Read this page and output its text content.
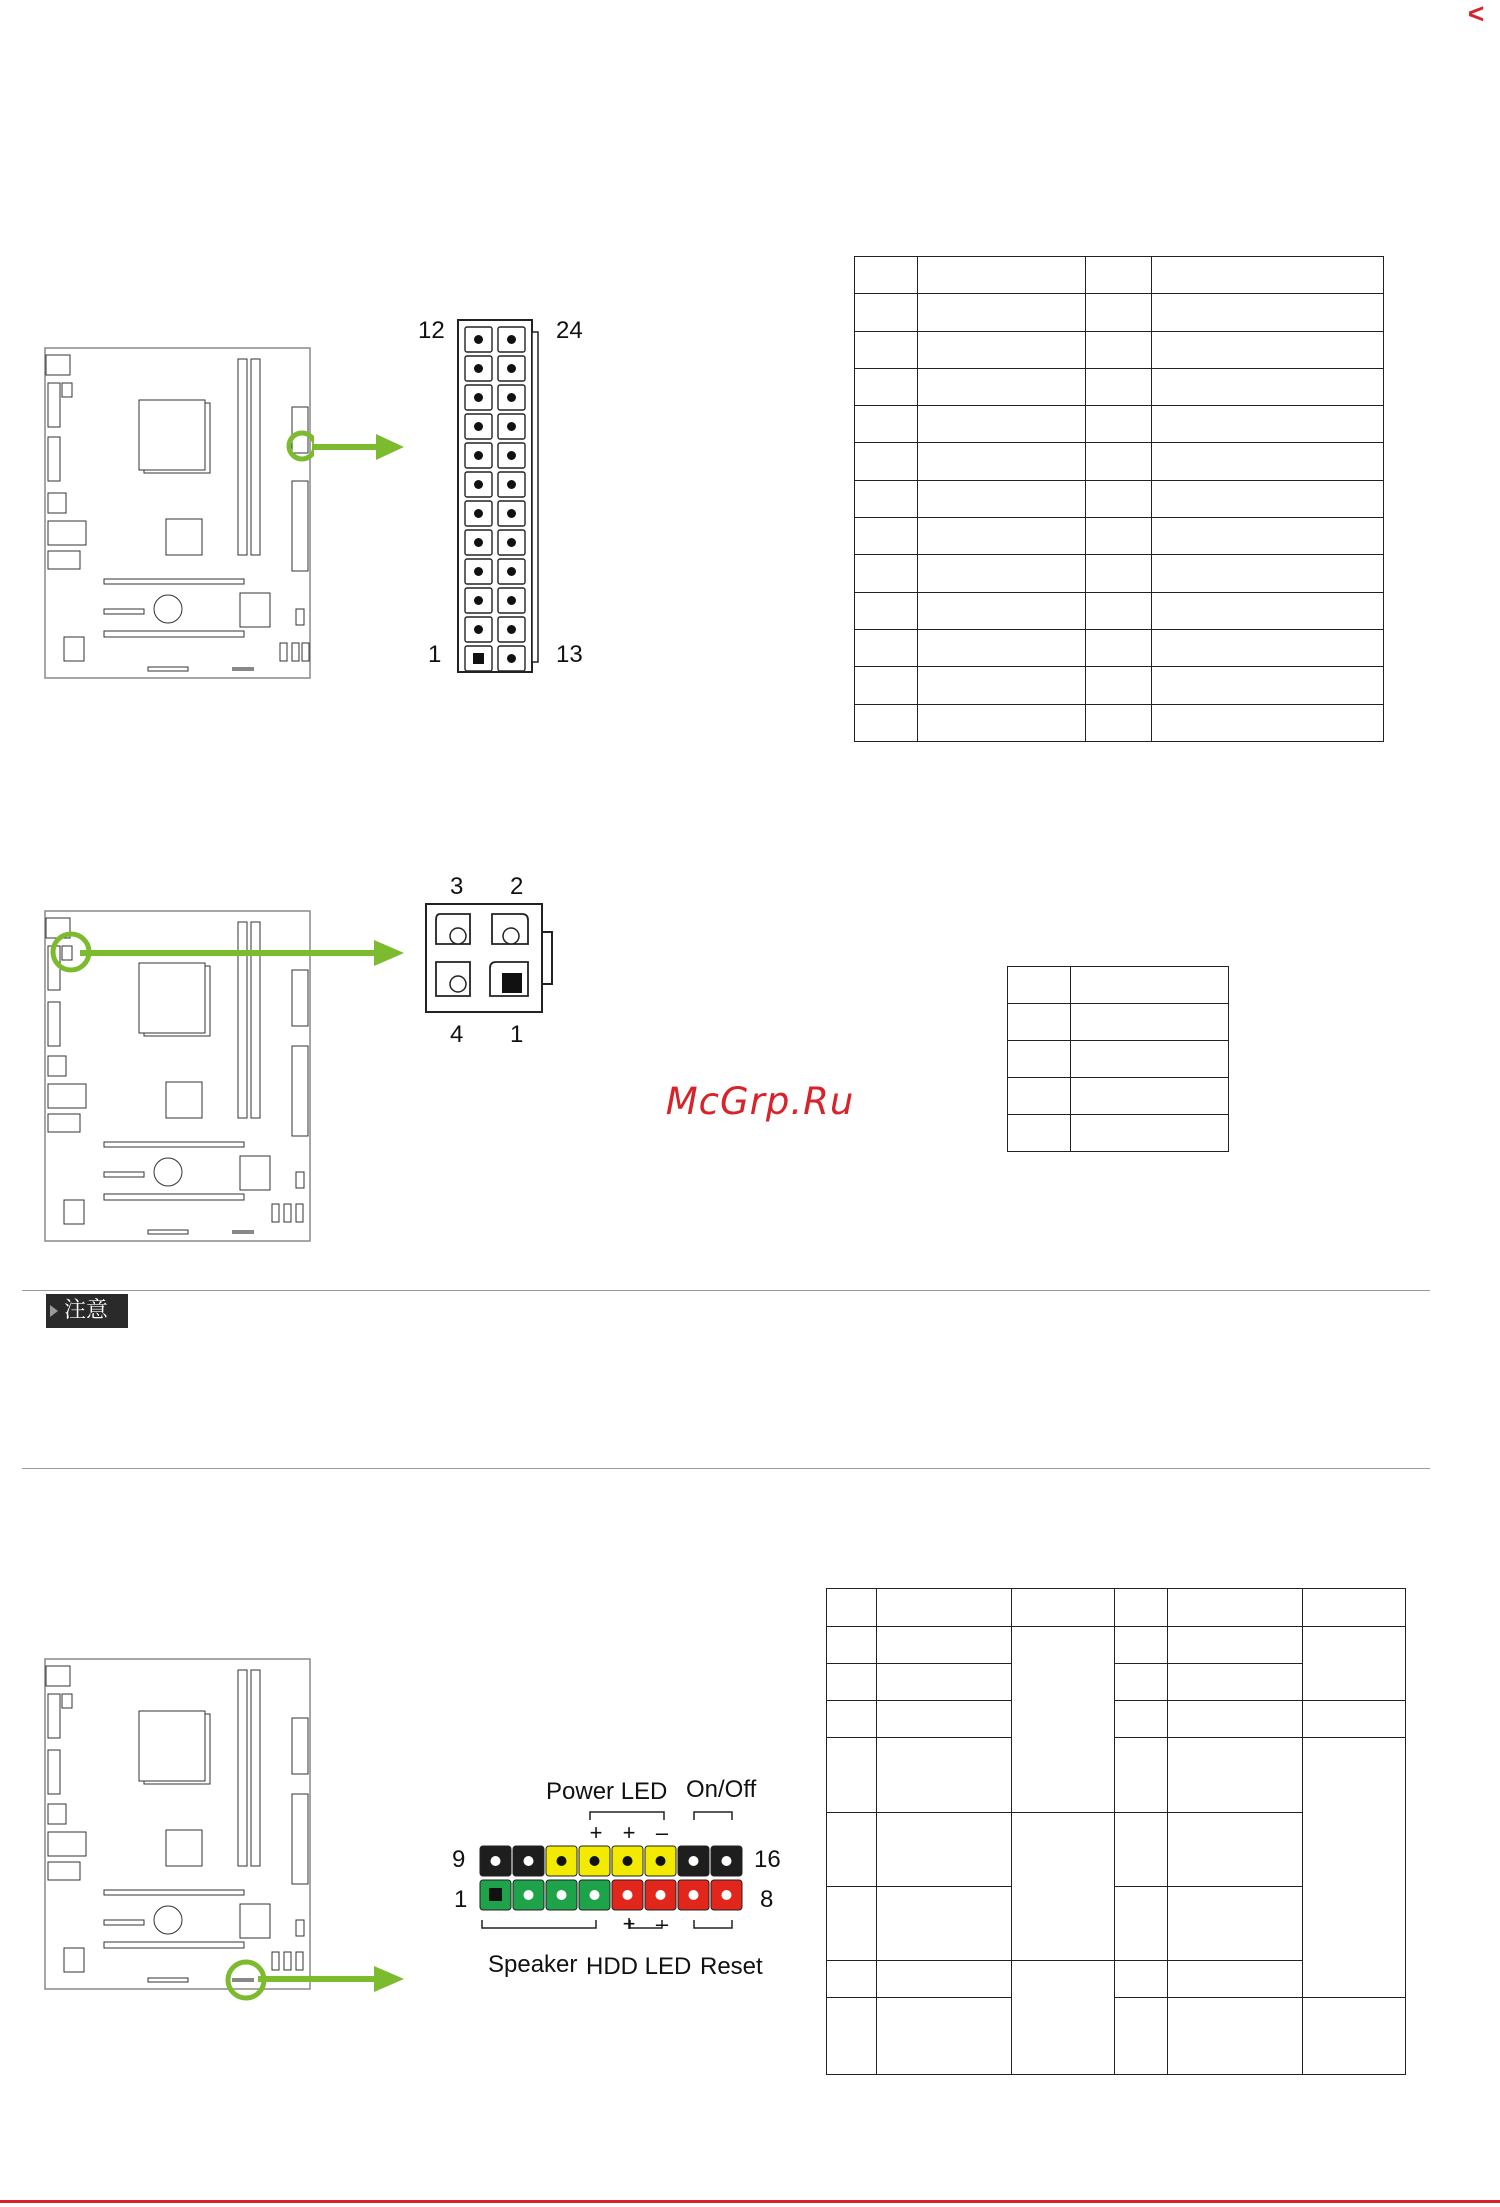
<
12	24
1	13

3 2
4 1
McGrp.Ru

注意
Power LED On/Off
9	16
1	8
Speaker HDD LED Reset
+ + –
+ –
